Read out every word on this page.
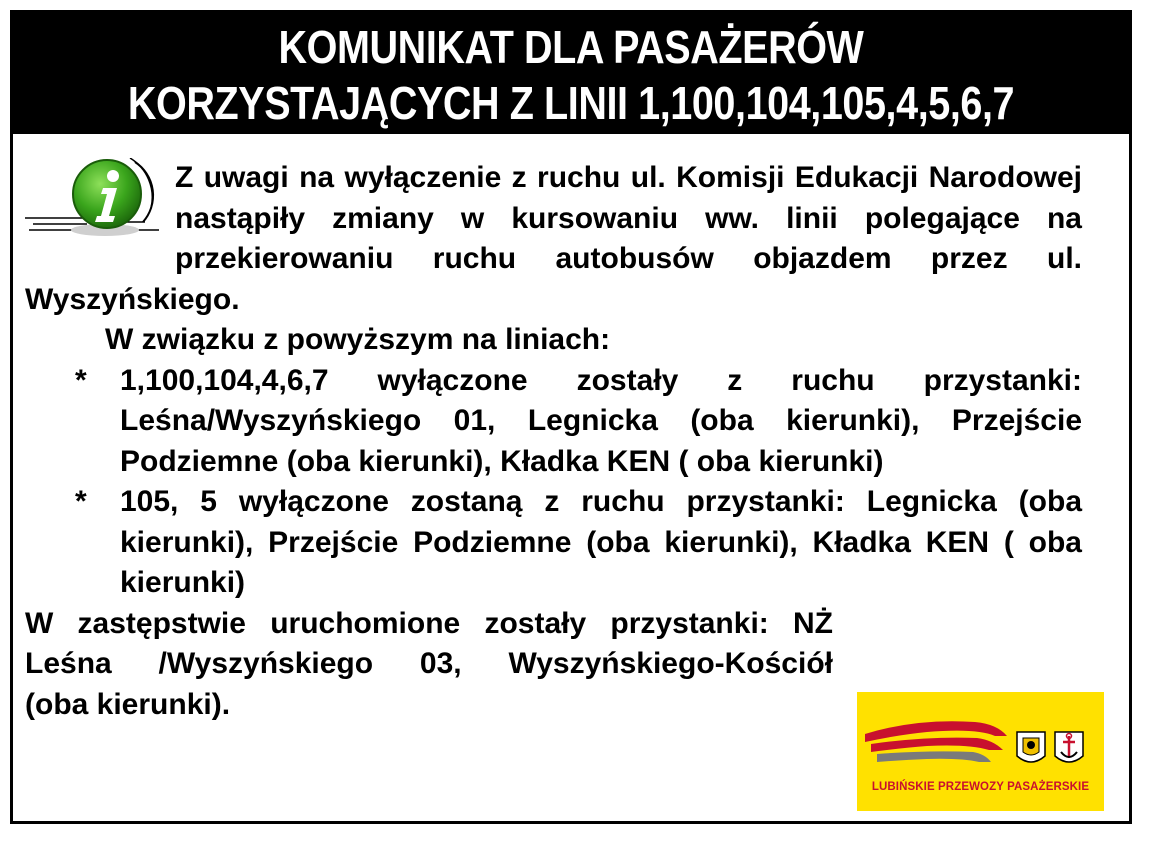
KOMUNIKAT DLA PASAŻERÓW
KORZYSTAJĄCYCH Z LINII 1,100,104,105,4,5,6,7
Z uwagi na wyłączenie z ruchu ul. Komisji Edukacji Narodowej nastąpiły zmiany w kursowaniu ww. linii polegające na przekierowaniu ruchu autobusów objazdem przez ul. Wyszyńskiego.
W związku z powyższym na liniach:
* 1,100,104,4,6,7 wyłączone zostały z ruchu przystanki: Leśna/Wyszyńskiego 01, Legnicka (oba kierunki), Przejście Podziemne (oba kierunki), Kładka KEN ( oba kierunki)
* 105, 5 wyłączone zostaną z ruchu przystanki: Legnicka (oba kierunki), Przejście Podziemne (oba kierunki), Kładka KEN ( oba kierunki)
W zastępstwie uruchomione zostały przystanki: NŻ Leśna /Wyszyńskiego 03, Wyszyńskiego-Kościół
(oba kierunki).
LUBIŃSKIE PRZEWOZY PASAŻERSKIE
